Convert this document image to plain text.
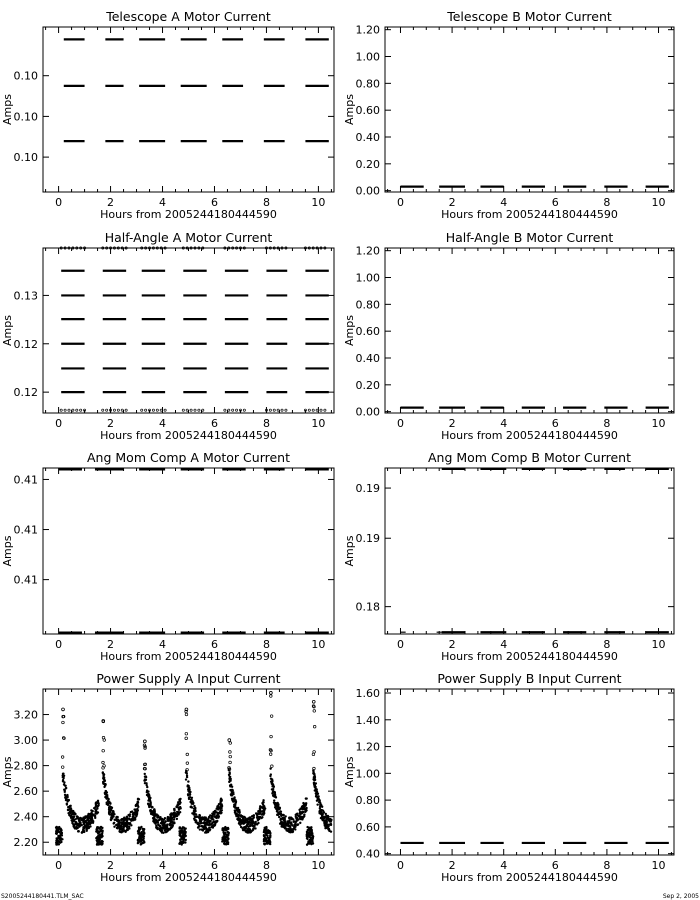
Telescope A Motor Current
0	2	4	6	8	10
Hours from 2005244180444590
0.10
0.10
0.10
Amps
Telescope B Motor Current
0	2	4	6	8	10
Hours from 2005244180444590
0.00
0.20
0.40
0.60
0.80
1.00
1.20
Amps
Half-Angle A Motor Current
0	2	4	6	8	10
Hours from 2005244180444590
0.12
0.12
0.13
Amps
Half-Angle B Motor Current
0	2	4	6	8	10
Hours from 2005244180444590
0.00
0.20
0.40
0.60
0.80
1.00
1.20
Amps
Ang Mom Comp A Motor Current
0	2	4	6	8	10
Hours from 2005244180444590
0.41
0.41
0.41
Amps
Ang Mom Comp B Motor Current
0	2	4	6	8	10
Hours from 2005244180444590
0.18
0.19
0.19
Amps
Power Supply A Input Current
0	2	4	6	8	10
Hours from 2005244180444590
2.20
2.40
2.60
2.80
3.00
3.20
Amps
Power Supply B Input Current
0	2	4	6	8	10
Hours from 2005244180444590
0.40
0.60
0.80
1.00
1.20
1.40
1.60
Amps
S2005244180441.TLM_SAC	Sep 2, 2005
